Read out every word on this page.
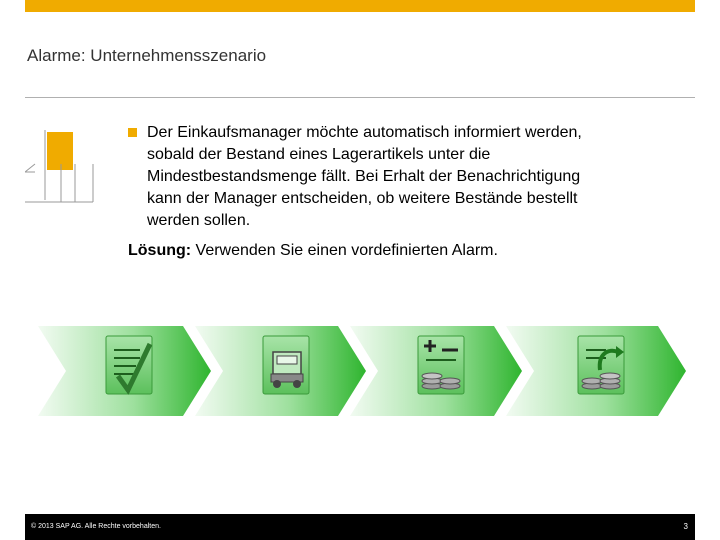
Alarme: Unternehmensszenario
Der Einkaufsmanager möchte automatisch informiert werden, sobald der Bestand eines Lagerartikels unter die Mindestbestandsmenge fällt. Bei Erhalt der Benachrichtigung kann der Manager entscheiden, ob weitere Bestände bestellt werden sollen.
Lösung: Verwenden Sie einen vordefinierten Alarm.
© 2013 SAP AG. Alle Rechte vorbehalten.	3
